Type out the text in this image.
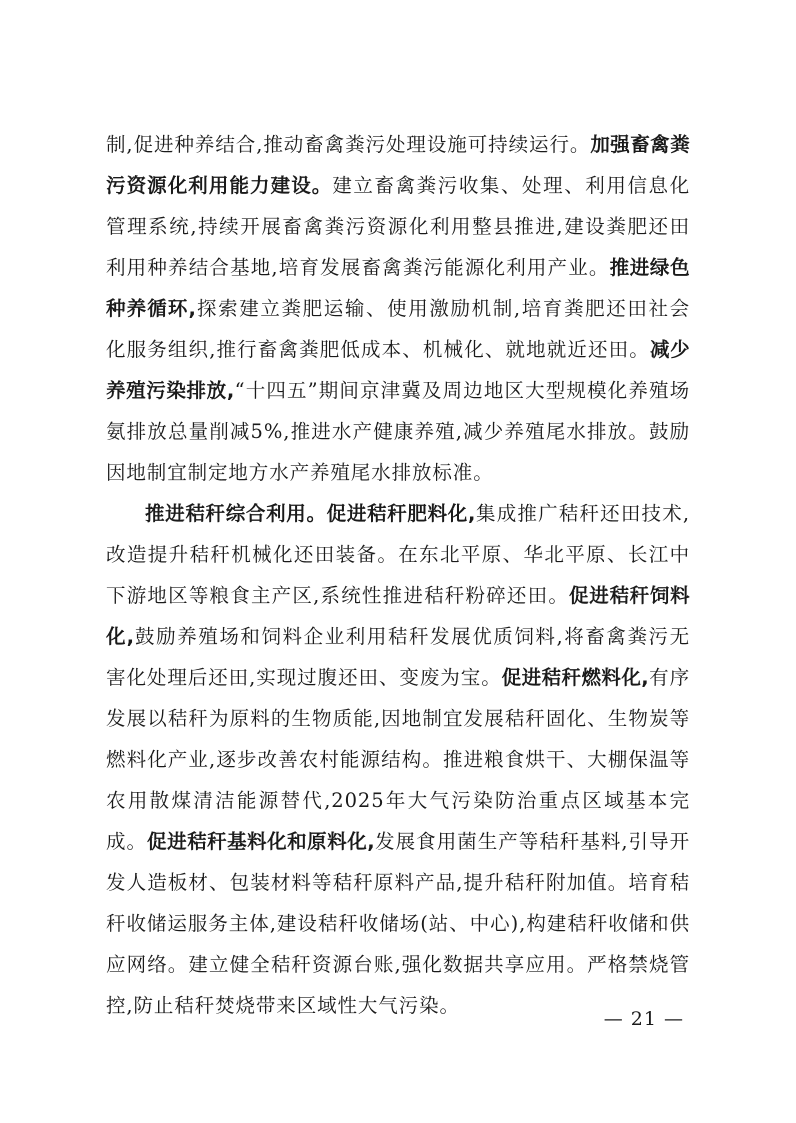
制,促进种养结合,推动畜禽粪污处理设施可持续运行。加强畜禽粪污资源化利用能力建设。建立畜禽粪污收集、处理、利用信息化管理系统,持续开展畜禽粪污资源化利用整县推进,建设粪肥还田利用种养结合基地,培育发展畜禽粪污能源化利用产业。推进绿色种养循环,探索建立粪肥运输、使用激励机制,培育粪肥还田社会化服务组织,推行畜禽粪肥低成本、机械化、就地就近还田。减少养殖污染排放,“十四五”期间京津冀及周边地区大型规模化养殖场氨排放总量削减5%,推进水产健康养殖,减少养殖尾水排放。鼓励因地制宜制定地方水产养殖尾水排放标准。

推进秸秆综合利用。促进秸秆肥料化,集成推广秸秆还田技术,改造提升秸秆机械化还田装备。在东北平原、华北平原、长江中下游地区等粮食主产区,系统性推进秸秆粉碎还田。促进秸秆饲料化,鼓励养殖场和饲料企业利用秸秆发展优质饲料,将畜禽粪污无害化处理后还田,实现过腹还田、变废为宝。促进秸秆燃料化,有序发展以秸秆为原料的生物质能,因地制宜发展秸秆固化、生物炭等燃料化产业,逐步改善农村能源结构。推进粮食烘干、大棚保温等农用散煤清洁能源替代,2025年大气污染防治重点区域基本完成。促进秸秆基料化和原料化,发展食用菌生产等秸秆基料,引导开发人造板材、包装材料等秸秆原料产品,提升秸秆附加值。培育秸秆收储运服务主体,建设秸秆收储场(站、中心),构建秸秆收储和供应网络。建立健全秸秆资源台账,强化数据共享应用。严格禁烧管控,防止秸秆焚烧带来区域性大气污染。

— 21 —
